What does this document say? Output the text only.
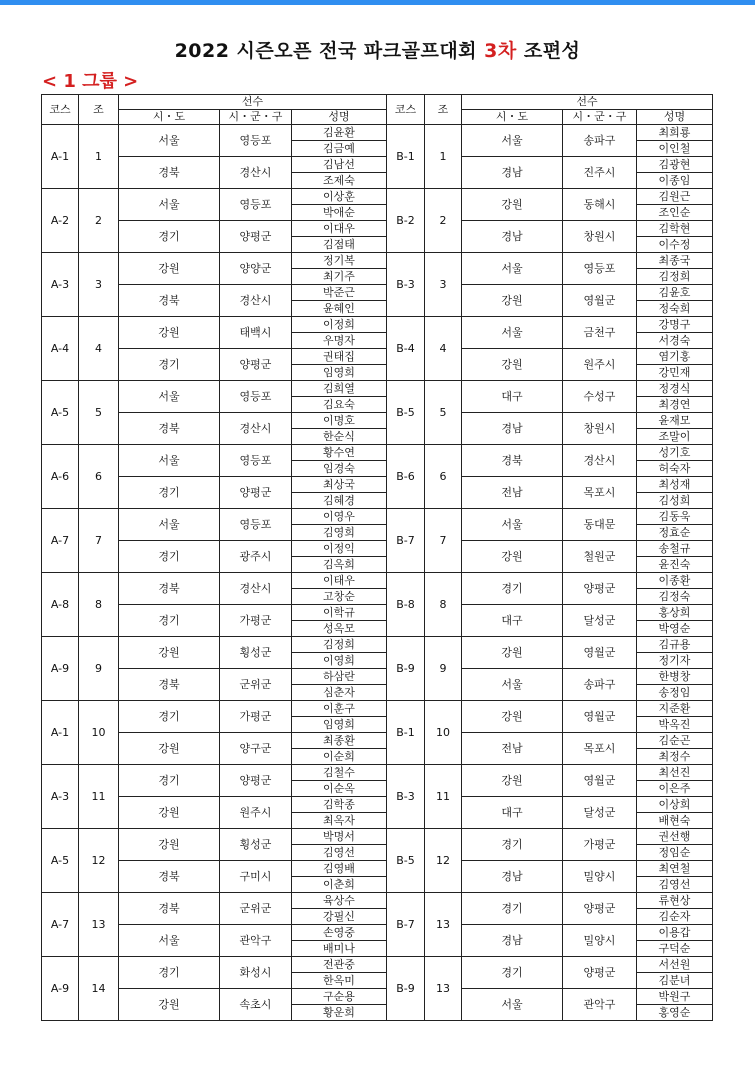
2022 시즌오픈 전국 파크골프대회 3차 조편성
< 1 그룹 >
코스	조	선수			코스	조	선수		
		시・도	시・군・구	성명			시・도	시・군・구	성명
A-1	1	서울	영등포	김윤환	B-1	1	서울	송파구	최희룡
				김금예					이인철
		경북	경산시	김남선			경남	진주시	김광현
				조제숙					이종임
A-2	2	서울	영등포	이상훈	B-2	2	강원	동해시	김원근
				박애순					조인순
		경기	양평군	이대우			경남	창원시	김학현
				김점태					이수정
A-3	3	강원	양양군	정기복	B-3	3	서울	영등포	최종국
				최기주					김정희
		경북	경산시	박준근			강원	영월군	김윤호
				윤혜인					정숙희
A-4	4	강원	태백시	이정희	B-4	4	서울	금천구	강명구
				우명자					서경숙
		경기	양평군	권태집			강원	원주시	염기홍
				임영희					강민재
A-5	5	서울	영등포	김희열	B-5	5	대구	수성구	정경식
				김요숙					최경연
		경북	경산시	이명호			경남	창원시	윤재모
				한순식					조말이
A-6	6	서울	영등포	황수연	B-6	6	경북	경산시	성기호
				임경숙					허숙자
		경기	양평군	최상국			전남	목포시	최성재
				김혜경					김성희
A-7	7	서울	영등포	이영우	B-7	7	서울	동대문	김동욱
				김영희					정효순
		경기	광주시	이정익			강원	철원군	송철규
				김옥희					윤진숙
A-8	8	경북	경산시	이태우	B-8	8	경기	양평군	이종환
				고창순					김정숙
		경기	가평군	이학규			대구	달성군	홍상희
				성옥모					박영순
A-9	9	강원	횡성군	김정희	B-9	9	강원	영월군	김규용
				이영희					정기자
		경북	군위군	하삼란			서울	송파구	한병창
				심춘자					송정임
A-1	10	경기	가평군	이훈구	B-1	10	강원	영월군	지준환
				임영희					박옥진
		강원	양구군	최종환			전남	목포시	김순곤
				이순희					최정수
A-3	11	경기	양평군	김철수	B-3	11	강원	영월군	최선진
				이순옥					이은주
		강원	원주시	김학종			대구	달성군	이상희
				최옥자					배현숙
A-5	12	강원	횡성군	박명서	B-5	12	경기	가평군	권선행
				김영선					정임순
		경북	구미시	김영배			경남	밀양시	최연철
				이춘희					김영선
A-7	13	경북	군위군	육상수	B-7	13	경기	양평군	류현상
				강필신					김순자
		서울	관악구	손영중			경남	밀양시	이용갑
				배미나					구덕순
A-9	14	경기	화성시	전관중	B-9	13	경기	양평군	서선원
				한옥미					김분녀
		강원	속초시	구순용			서울	관악구	박원구
				황운희					홍영순
